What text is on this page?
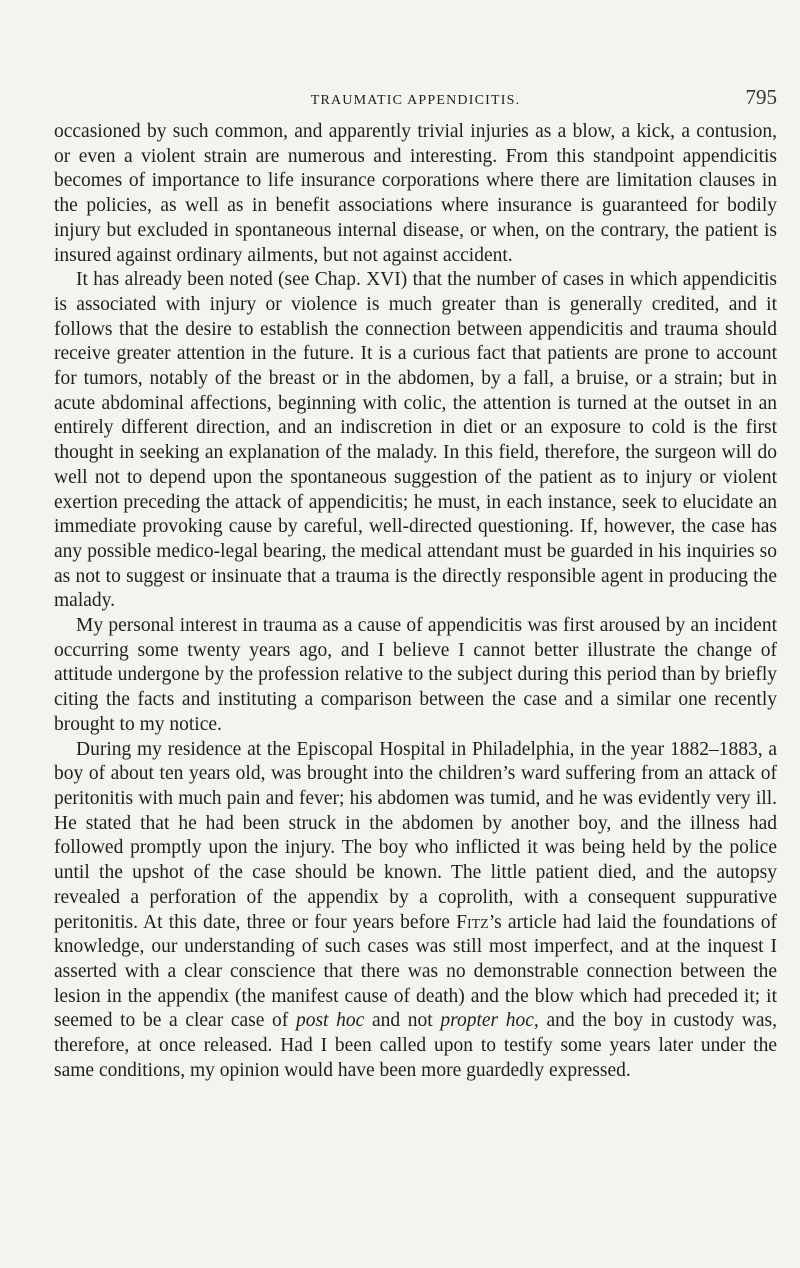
TRAUMATIC APPENDICITIS.	795

occasioned by such common, and apparently trivial injuries as a blow, a kick, a contusion, or even a violent strain are numerous and interesting. From this standpoint appendicitis becomes of importance to life insurance corporations where there are limitation clauses in the policies, as well as in benefit associations where insurance is guaranteed for bodily injury but excluded in spontaneous internal disease, or when, on the contrary, the patient is insured against ordinary ailments, but not against accident.

It has already been noted (see Chap. XVI) that the number of cases in which appendicitis is associated with injury or violence is much greater than is generally credited, and it follows that the desire to establish the connection between appendicitis and trauma should receive greater attention in the future. It is a curious fact that patients are prone to account for tumors, notably of the breast or in the abdomen, by a fall, a bruise, or a strain; but in acute abdominal affections, beginning with colic, the attention is turned at the outset in an entirely different direction, and an indiscretion in diet or an exposure to cold is the first thought in seeking an explanation of the malady. In this field, therefore, the surgeon will do well not to depend upon the spontaneous suggestion of the patient as to injury or violent exertion preceding the attack of appendicitis; he must, in each instance, seek to elucidate an immediate provoking cause by careful, well-directed questioning. If, however, the case has any possible medico-legal bearing, the medical attendant must be guarded in his inquiries so as not to suggest or insinuate that a trauma is the directly responsible agent in producing the malady.

My personal interest in trauma as a cause of appendicitis was first aroused by an incident occurring some twenty years ago, and I believe I cannot better illustrate the change of attitude undergone by the profession relative to the subject during this period than by briefly citing the facts and instituting a comparison between the case and a similar one recently brought to my notice.

During my residence at the Episcopal Hospital in Philadelphia, in the year 1882–1883, a boy of about ten years old, was brought into the children’s ward suffering from an attack of peritonitis with much pain and fever; his abdomen was tumid, and he was evidently very ill. He stated that he had been struck in the abdomen by another boy, and the illness had followed promptly upon the injury. The boy who inflicted it was being held by the police until the upshot of the case should be known. The little patient died, and the autopsy revealed a perforation of the appendix by a coprolith, with a consequent suppurative peritonitis. At this date, three or four years before Fitz’s article had laid the foundations of knowledge, our understanding of such cases was still most imperfect, and at the inquest I asserted with a clear conscience that there was no demonstrable connection between the lesion in the appendix (the manifest cause of death) and the blow which had preceded it; it seemed to be a clear case of post hoc and not propter hoc, and the boy in custody was, therefore, at once released. Had I been called upon to testify some years later under the same conditions, my opinion would have been more guardedly expressed.
